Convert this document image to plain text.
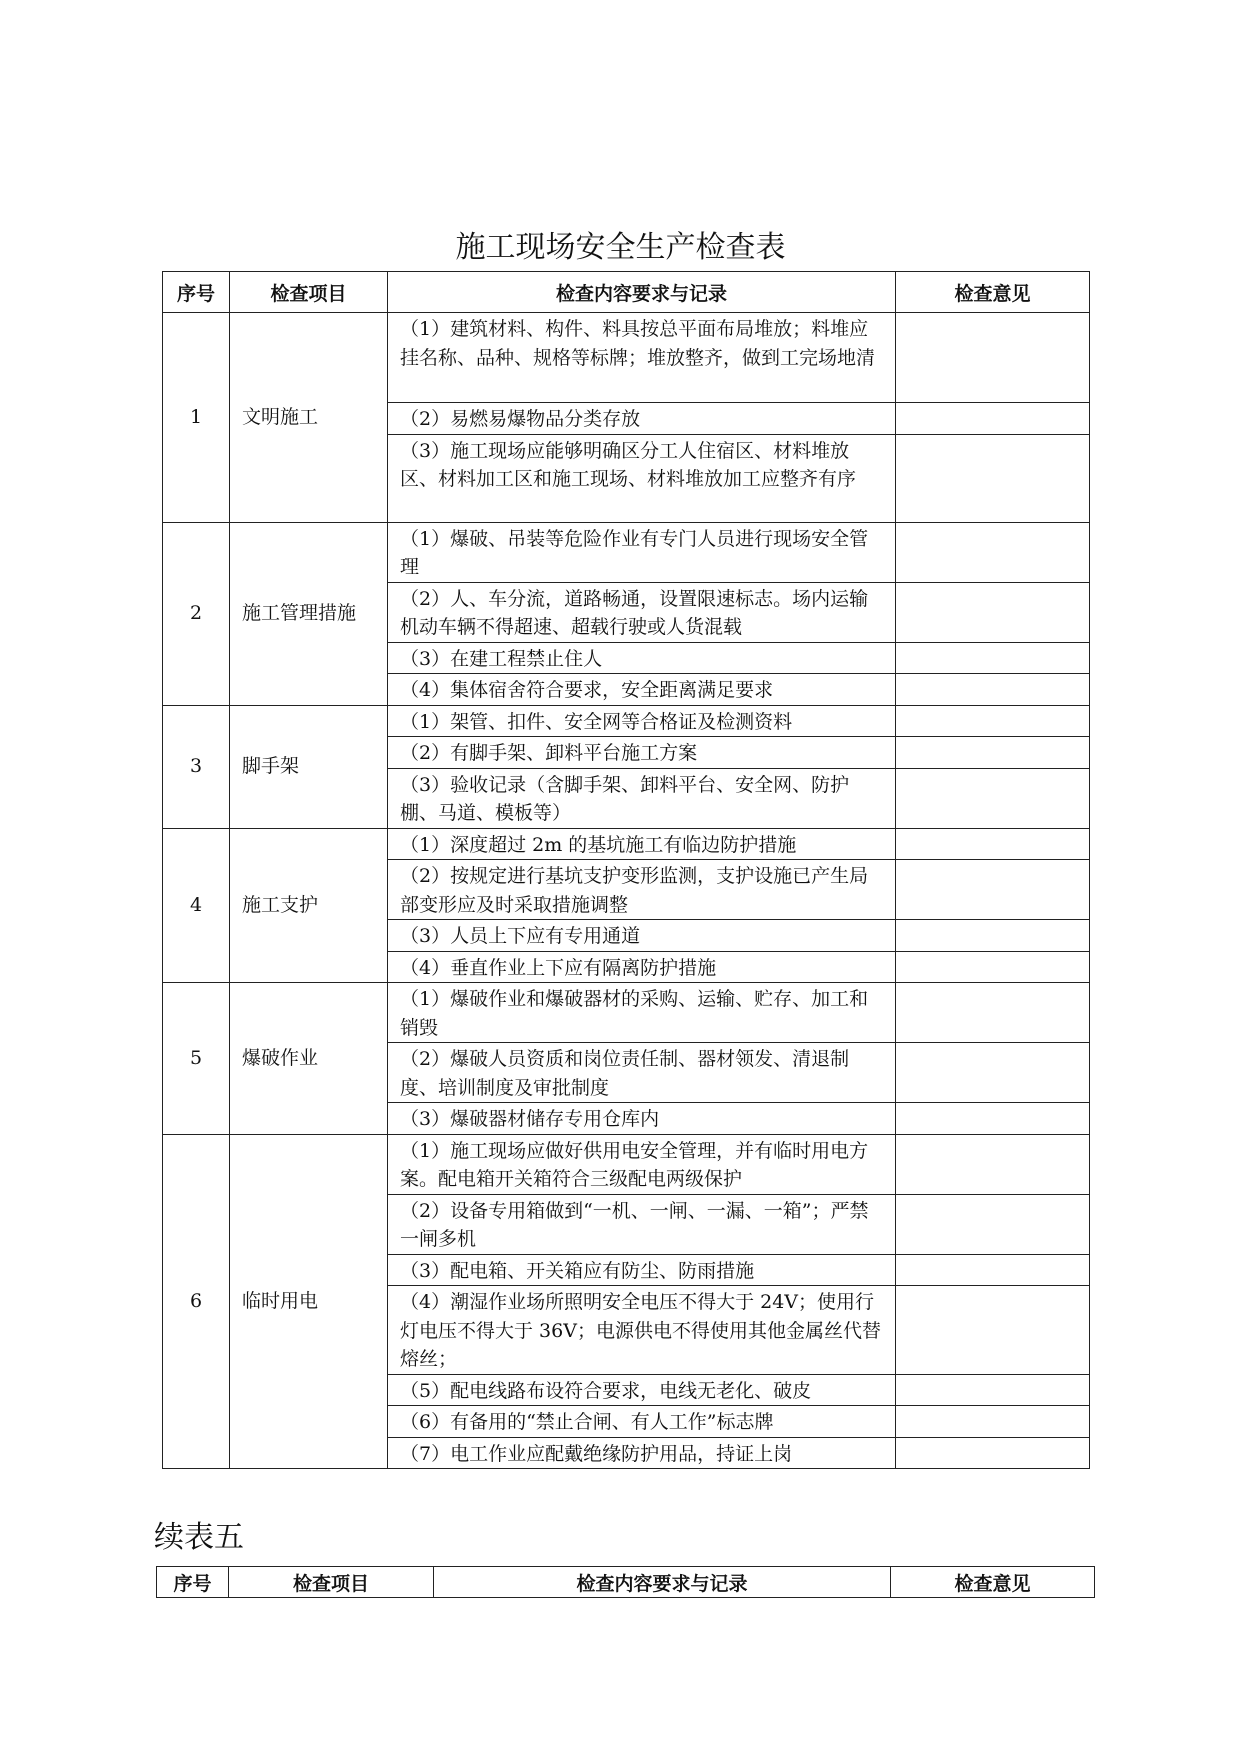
施工现场安全生产检查表
序号	检查项目	检查内容要求与记录	检查意见
1	文明施工	（1）建筑材料、构件、料具按总平面布局堆放；料堆应挂名称、品种、规格等标牌；堆放整齐，做到工完场地清	
		（2）易燃易爆物品分类存放	
		（3）施工现场应能够明确区分工人住宿区、材料堆放区、材料加工区和施工现场、材料堆放加工应整齐有序	
2	施工管理措施	（1）爆破、吊装等危险作业有专门人员进行现场安全管理	
		（2）人、车分流，道路畅通，设置限速标志。场内运输机动车辆不得超速、超载行驶或人货混载	
		（3）在建工程禁止住人	
		（4）集体宿舍符合要求，安全距离满足要求	
3	脚手架	（1）架管、扣件、安全网等合格证及检测资料	
		（2）有脚手架、卸料平台施工方案	
		（3）验收记录（含脚手架、卸料平台、安全网、防护棚、马道、模板等）	
4	施工支护	（1）深度超过 2m 的基坑施工有临边防护措施	
		（2）按规定进行基坑支护变形监测，支护设施已产生局部变形应及时采取措施调整	
		（3）人员上下应有专用通道	
		（4）垂直作业上下应有隔离防护措施	
5	爆破作业	（1）爆破作业和爆破器材的采购、运输、贮存、加工和销毁	
		（2）爆破人员资质和岗位责任制、器材领发、清退制度、培训制度及审批制度	
		（3）爆破器材储存专用仓库内	
6	临时用电	（1）施工现场应做好供用电安全管理，并有临时用电方案。配电箱开关箱符合三级配电两级保护	
		（2）设备专用箱做到“一机、一闸、一漏、一箱”；严禁一闸多机	
		（3）配电箱、开关箱应有防尘、防雨措施	
		（4）潮湿作业场所照明安全电压不得大于 24V；使用行灯电压不得大于 36V；电源供电不得使用其他金属丝代替熔丝；	
		（5）配电线路布设符合要求，电线无老化、破皮	
		（6）有备用的“禁止合闸、有人工作”标志牌	
		（7）电工作业应配戴绝缘防护用品，持证上岗	
续表五
序号	检查项目	检查内容要求与记录	检查意见
